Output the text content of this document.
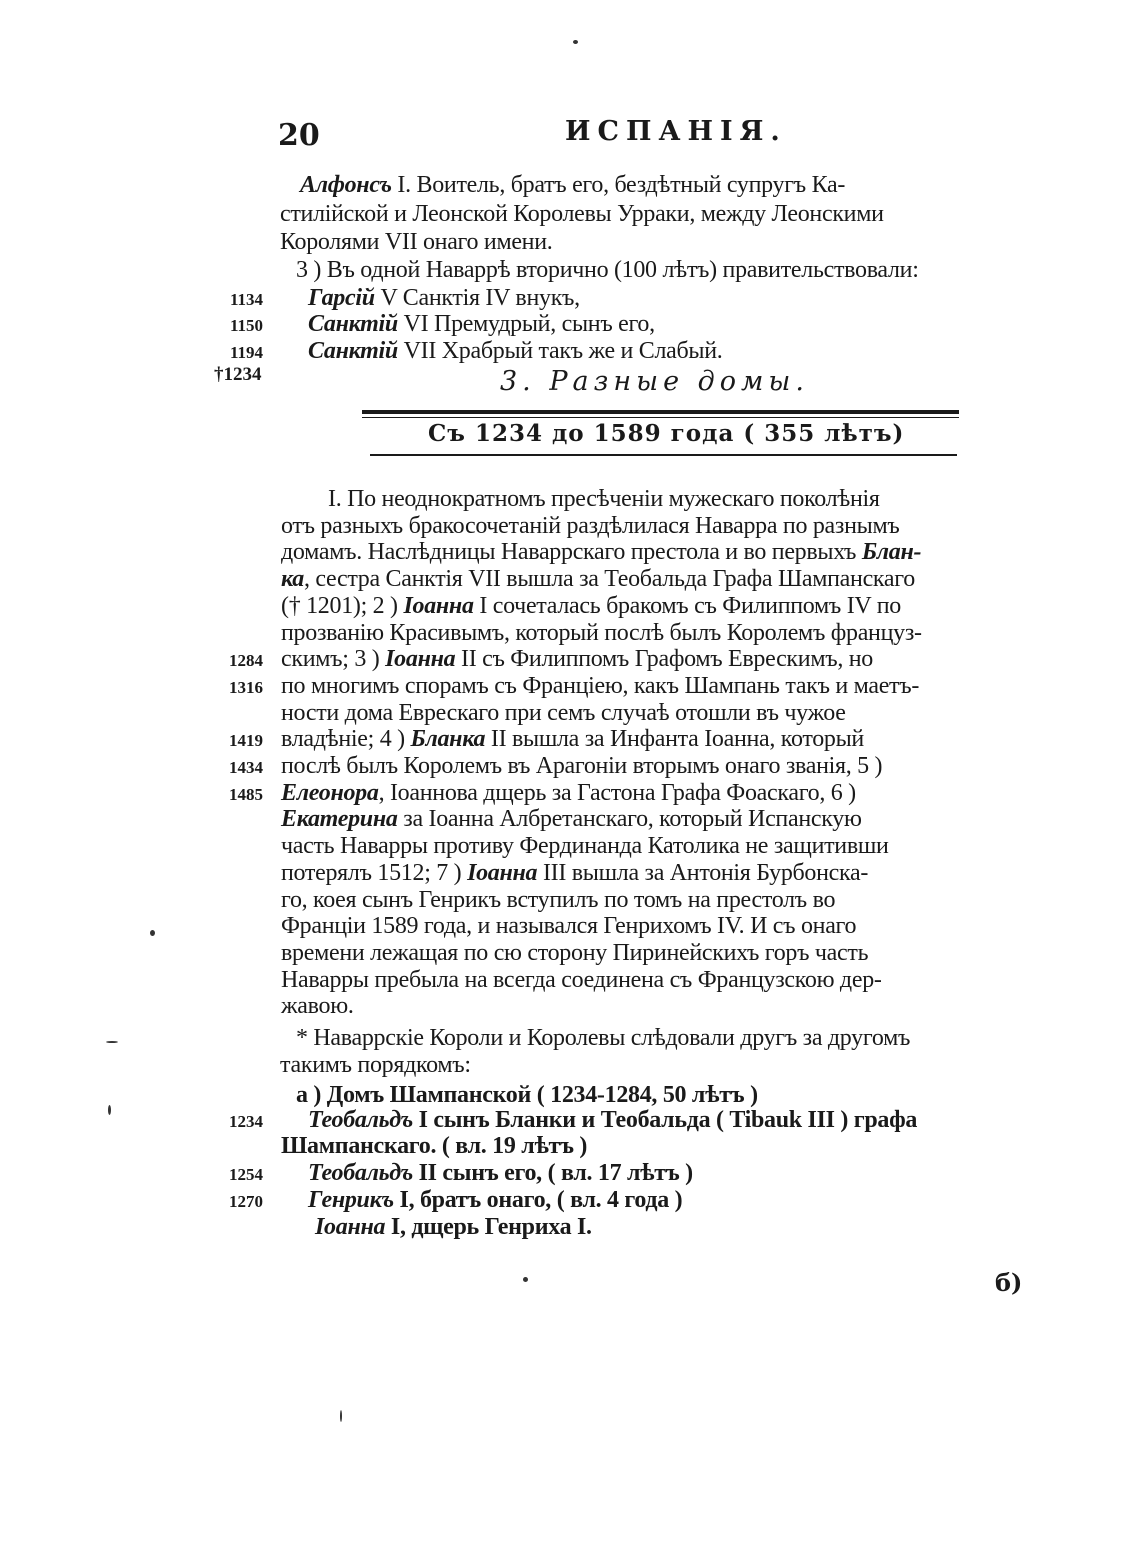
20	ИСПАНІЯ.
Алфонсъ I. Воитель, братъ его, бездѣтный супругъ Ка-
стилійской и Леонской Королевы Урраки, между Леонскими
Королями VII онаго имени.
3 ) Въ одной Наваррѣ вторично (100 лѣтъ) правительствовали:
1134 Гарсій V Санктія IV внукъ,
1150 Санктій VI Премудрый, сынъ его,
1194 Санктій VII Храбрый такъ же и Слабый.
†1234	3. Разные домы.
Съ 1234 до 1589 года ( 355 лѣтъ)
I. По неоднократномъ пресѣченіи мужескаго поколѣнія
отъ разныхъ бракосочетаній раздѣлилася Наварра по разнымъ
домамъ. Наслѣдницы Наваррскаго престола и во первыхъ Блан-
ка, сестра Санктія VII вышла за Теобальда Графа Шампанскаго
(† 1201); 2 ) Іоанна I сочеталась бракомъ съ Филиппомъ IV по
прозванію Красивымъ, который послѣ былъ Королемъ француз-
1284 скимъ; 3 ) Іоанна II съ Филиппомъ Графомъ Еврескимъ, но
1316 по многимъ спорамъ съ Франціею, какъ Шампань такъ и маетъ-
ности дома Еврескаго при семъ случаѣ отошли въ чужое
1419 владѣніе; 4 ) Бланка II вышла за Инфанта Іоанна, который
1434 послѣ былъ Королемъ въ Арагоніи вторымъ онаго званія, 5 )
1485 Елеонора, Іоаннова дщерь за Гастона Графа Фоаскаго, 6 )
Екатерина за Іоанна Албретанскаго, который Испанскую
часть Наварры противу Фердинанда Католика не защитивши
потерялъ 1512; 7 ) Іоанна III вышла за Антонія Бурбонска-
го, коея сынъ Генрикъ вступилъ по томъ на престолъ во
Франціи 1589 года, и назывался Генрихомъ IV. И съ онаго
времени лежащая по сю сторону Пиринейскихъ горъ часть
Наварры пребыла на всегда соединена съ Французскою дер-
жавою.
* Наваррскіе Короли и Королевы слѣдовали другъ за другомъ
такимъ порядкомъ:
a ) Домъ Шампанской ( 1234-1284, 50 лѣтъ )
1234 Теобальдъ I сынъ Бланки и Теобальда ( Tibauk III ) графа
Шампанскаго. ( вл. 19 лѣтъ )
1254 Теобальдъ II сынъ его, ( вл. 17 лѣтъ )
1270 Генрикъ I, братъ онаго, ( вл. 4 года )
Іоанна I, дщерь Генриха I.
б)
